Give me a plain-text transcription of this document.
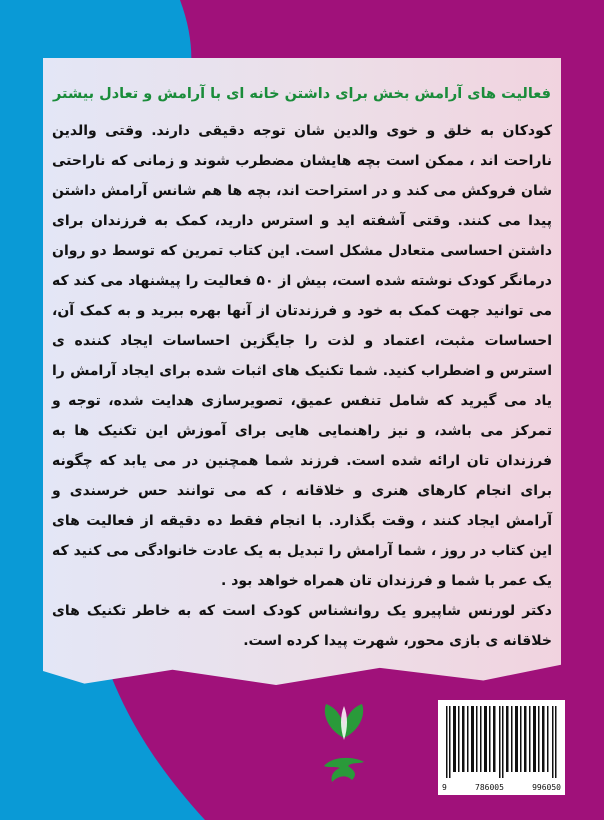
فعالیت های آرامش بخش برای داشتن خانه ای با آرامش و تعادل بیشتر

کودکان به خلق و خوی والدین شان توجه دقیقی دارند. وقتی والدین ناراحت اند ، ممکن است بچه هایشان مضطرب شوند و زمانی که ناراحتی شان فروکش می کند و در استراحت اند، بچه ها هم شانس آرامش داشتن پیدا می کنند. وقتی آشفته اید و استرس دارید، کمک به فرزندان برای داشتن احساسی متعادل مشکل است. این کتاب تمرین که توسط دو روان درمانگر کودک نوشته شده است، بیش از ۵۰ فعالیت را پیشنهاد می کند که می توانید جهت کمک به خود و فرزندتان از آنها بهره ببرید و به کمک آن، احساسات مثبت، اعتماد و لذت را جایگزین احساسات ایجاد کننده ی استرس و اضطراب کنید. شما تکنیک های اثبات شده برای ایجاد آرامش را یاد می گیرید که شامل تنفس عمیق، تصویرسازی هدایت شده، توجه و تمرکز می باشد، و نیز راهنمایی هایی برای آموزش این تکنیک ها به فرزندان تان ارائه شده است. فرزند شما همچنین در می یابد که چگونه برای انجام کارهای هنری و خلاقانه ، که می توانند حس خرسندی و آرامش ایجاد کنند ، وقت بگذارد. با انجام فقط ده دقیقه از فعالیت های این کتاب در روز ، شما آرامش را تبدیل به یک عادت خانوادگی می کنید که یک عمر با شما و فرزندان تان همراه خواهد بود .

دکتر لورنس شاپیرو یک روانشناس کودک است که به خاطر تکنیک های خلاقانه ی بازی محور، شهرت پیدا کرده است.

9	786005	996050
